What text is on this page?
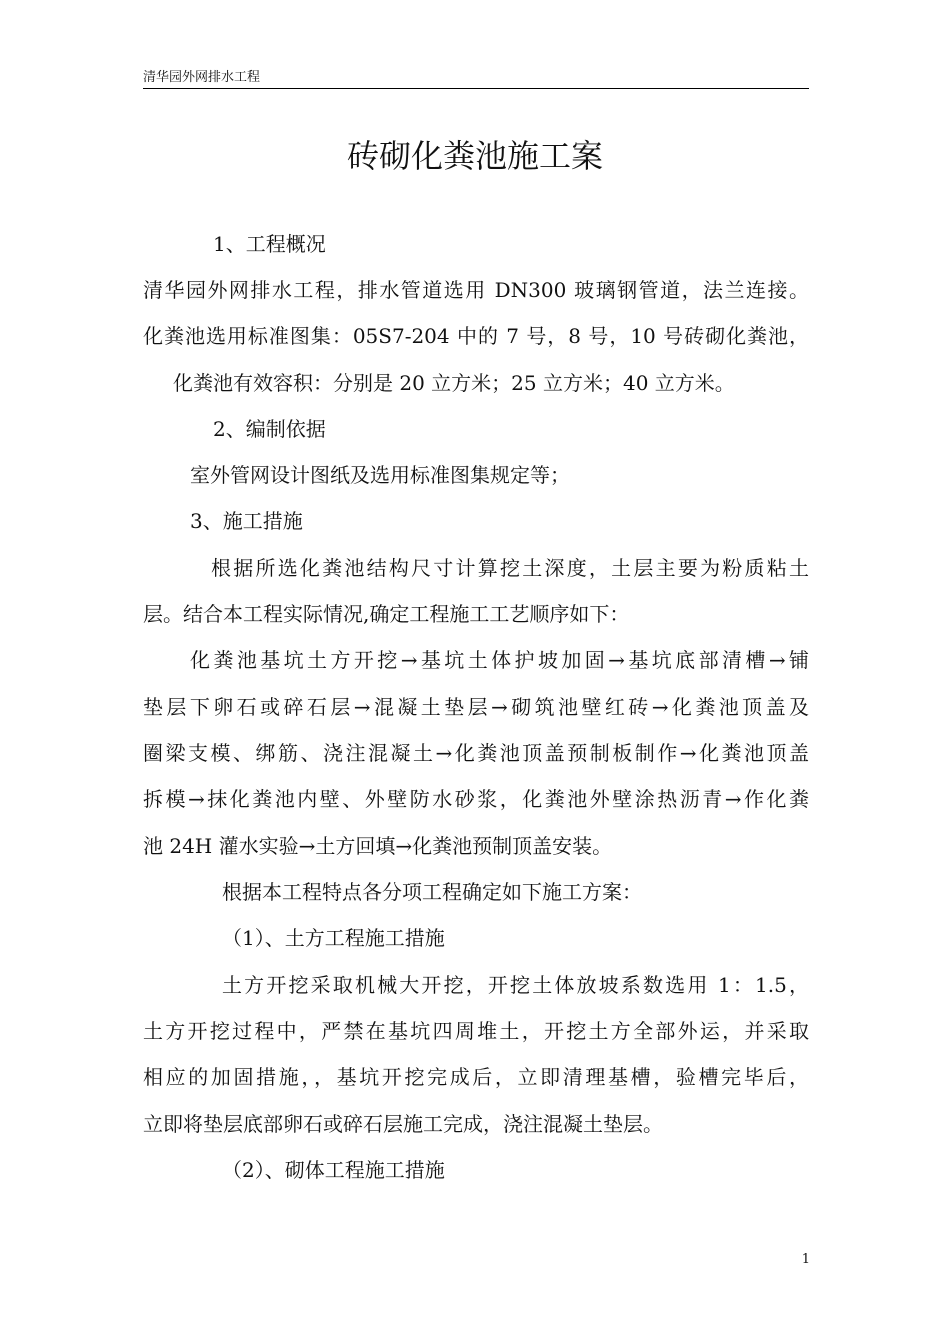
清华园外网排水工程
砖砌化粪池施工案
1、工程概况
清华园外网排水工程，排水管道选用 DN300 玻璃钢管道，法兰连接。
化粪池选用标准图集：05S7-204 中的 7 号，8 号，10 号砖砌化粪池，
化粪池有效容积：分别是 20 立方米；25 立方米；40 立方米。
2、编制依据
室外管网设计图纸及选用标准图集规定等；
3、施工措施
根据所选化粪池结构尺寸计算挖土深度，土层主要为粉质粘土
层。结合本工程实际情况,确定工程施工工艺顺序如下：
化粪池基坑土方开挖→基坑土体护坡加固→基坑底部清槽→铺
垫层下卵石或碎石层→混凝土垫层→砌筑池壁红砖→化粪池顶盖及
圈梁支模、绑筋、浇注混凝土→化粪池顶盖预制板制作→化粪池顶盖
拆模→抹化粪池内壁、外壁防水砂浆，化粪池外壁涂热沥青→作化粪
池 24H 灌水实验→土方回填→化粪池预制顶盖安装。
根据本工程特点各分项工程确定如下施工方案：
（1）、土方工程施工措施
土方开挖采取机械大开挖，开挖土体放坡系数选用 1：1.5，
土方开挖过程中，严禁在基坑四周堆土，开挖土方全部外运，并采取
相应的加固措施，，基坑开挖完成后，立即清理基槽，验槽完毕后，
立即将垫层底部卵石或碎石层施工完成，浇注混凝土垫层。
（2）、砌体工程施工措施
1
